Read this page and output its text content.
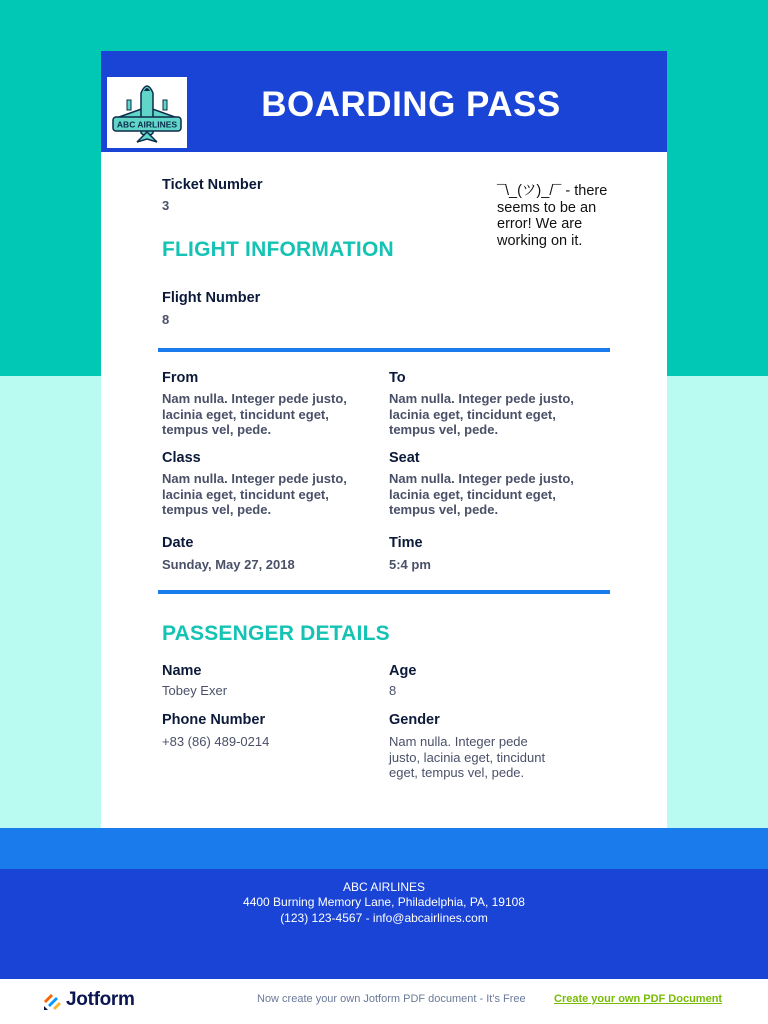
ABC AIRLINES
BOARDING PASS
Ticket Number
3
¯\_(ツ)_/¯ - there seems to be an error! We are working on it.
FLIGHT INFORMATION
Flight Number
8
From
Nam nulla. Integer pede justo, lacinia eget, tincidunt eget, tempus vel, pede.
To
Nam nulla. Integer pede justo, lacinia eget, tincidunt eget, tempus vel, pede.
Class
Nam nulla. Integer pede justo, lacinia eget, tincidunt eget, tempus vel, pede.
Seat
Nam nulla. Integer pede justo, lacinia eget, tincidunt eget, tempus vel, pede.
Date
Sunday, May 27, 2018
Time
5:4 pm
PASSENGER DETAILS
Name
Tobey Exer
Age
8
Phone Number
+83 (86) 489-0214
Gender
Nam nulla. Integer pede justo, lacinia eget, tincidunt eget, tempus vel, pede.
ABC AIRLINES
4400 Burning Memory Lane, Philadelphia, PA, 19108
(123) 123-4567 - info@abcairlines.com
Jotform	Now create your own Jotform PDF document - It's Free	Create your own PDF Document
